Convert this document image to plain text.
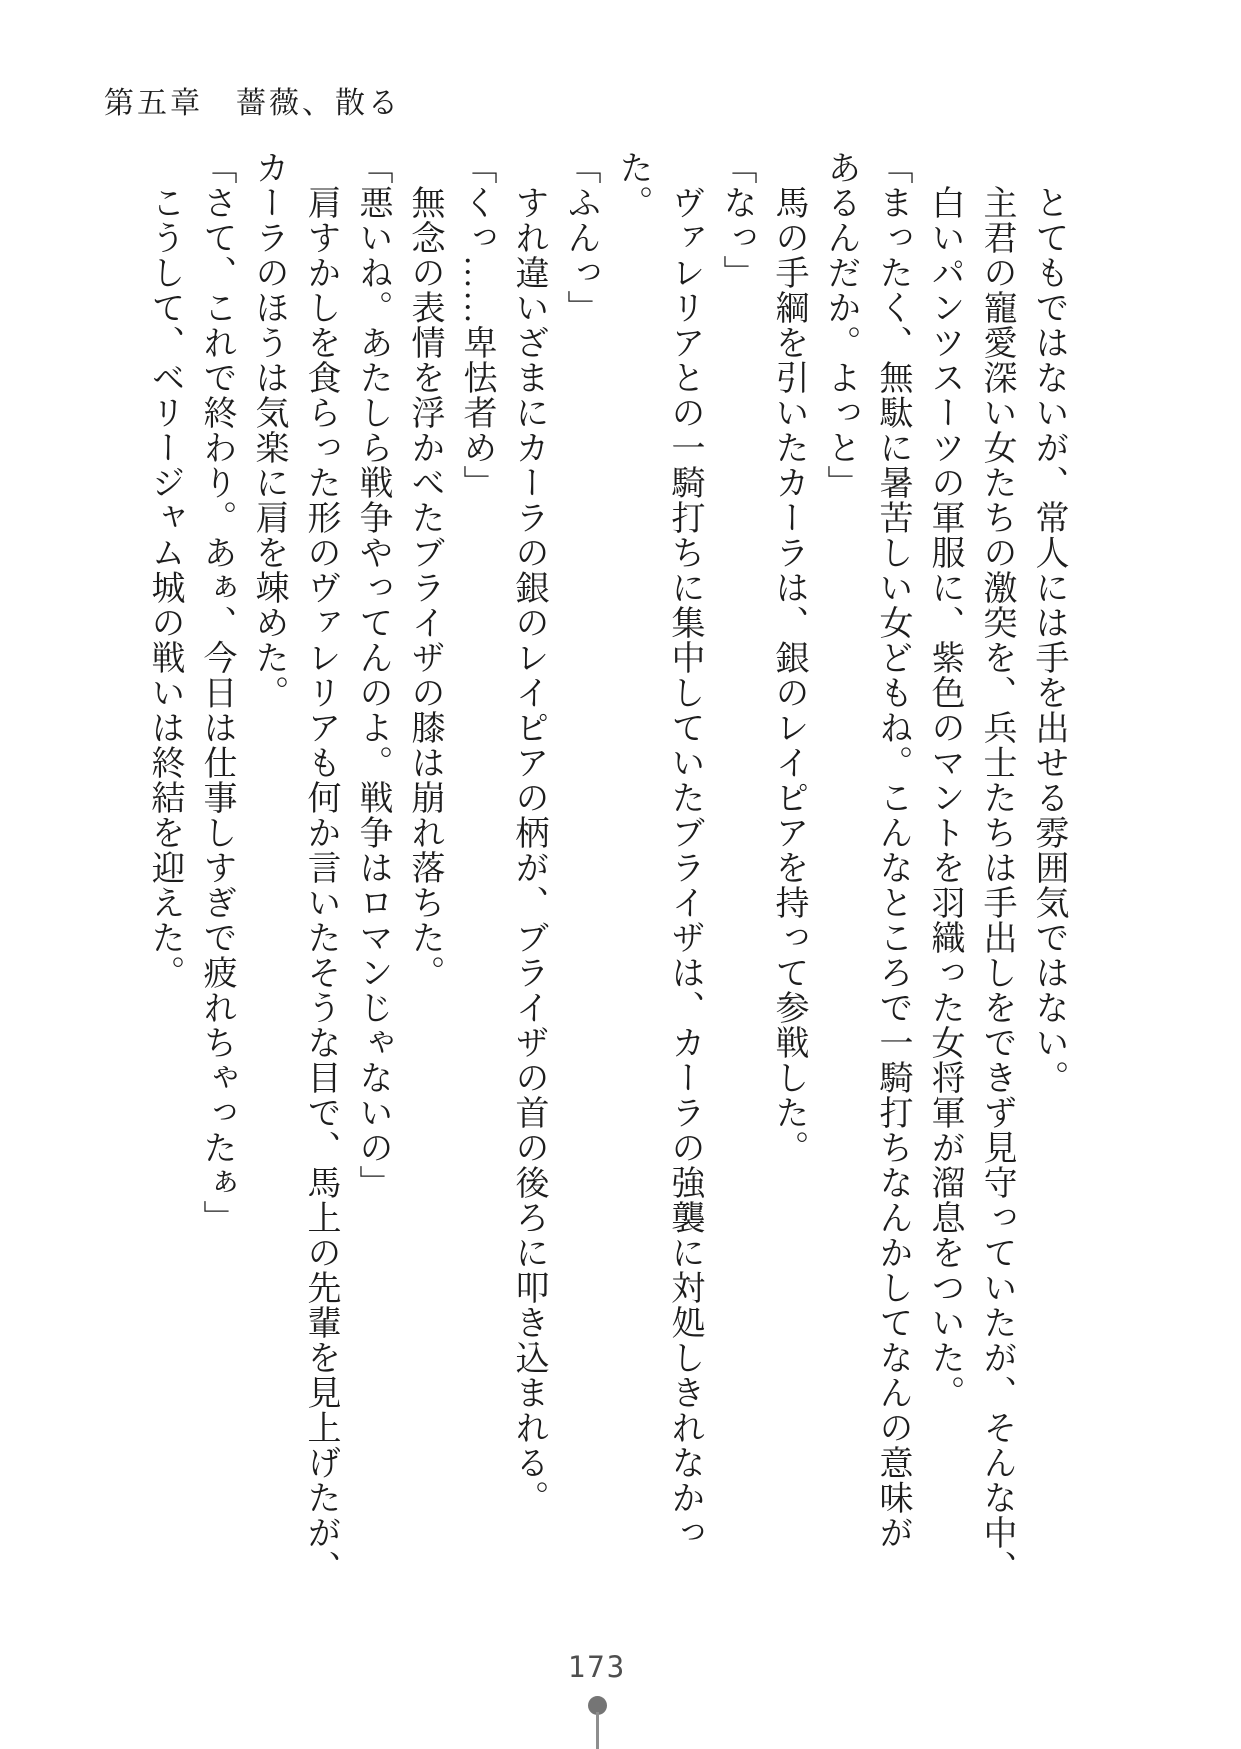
第五章　薔薇、散る

とてもではないが、常人には手を出せる雰囲気ではない。

主君の寵愛深い女たちの激突を、兵士たちは手出しをできず見守っていたが、そんな中、

白いパンツスーツの軍服に、紫色のマントを羽織った女将軍が溜息をついた。

「まったく、無駄に暑苦しい女どもね。こんなところで一騎打ちなんかしてなんの意味が

あるんだか。よっと」

馬の手綱を引いたカーラは、銀のレイピアを持って参戦した。

「なっ」

ヴァレリアとの一騎打ちに集中していたブライザは、カーラの強襲に対処しきれなかっ

た。

「ふんっ」

すれ違いざまにカーラの銀のレイピアの柄が、ブライザの首の後ろに叩き込まれる。

「くっ……卑怯者め」

無念の表情を浮かべたブライザの膝は崩れ落ちた。

「悪いね。あたしら戦争やってんのよ。戦争はロマンじゃないの」

肩すかしを食らった形のヴァレリアも何か言いたそうな目で、馬上の先輩を見上げたが、

カーラのほうは気楽に肩を竦めた。

「さて、これで終わり。あぁ、今日は仕事しすぎで疲れちゃったぁ」

こうして、ベリージャム城の戦いは終結を迎えた。

173
